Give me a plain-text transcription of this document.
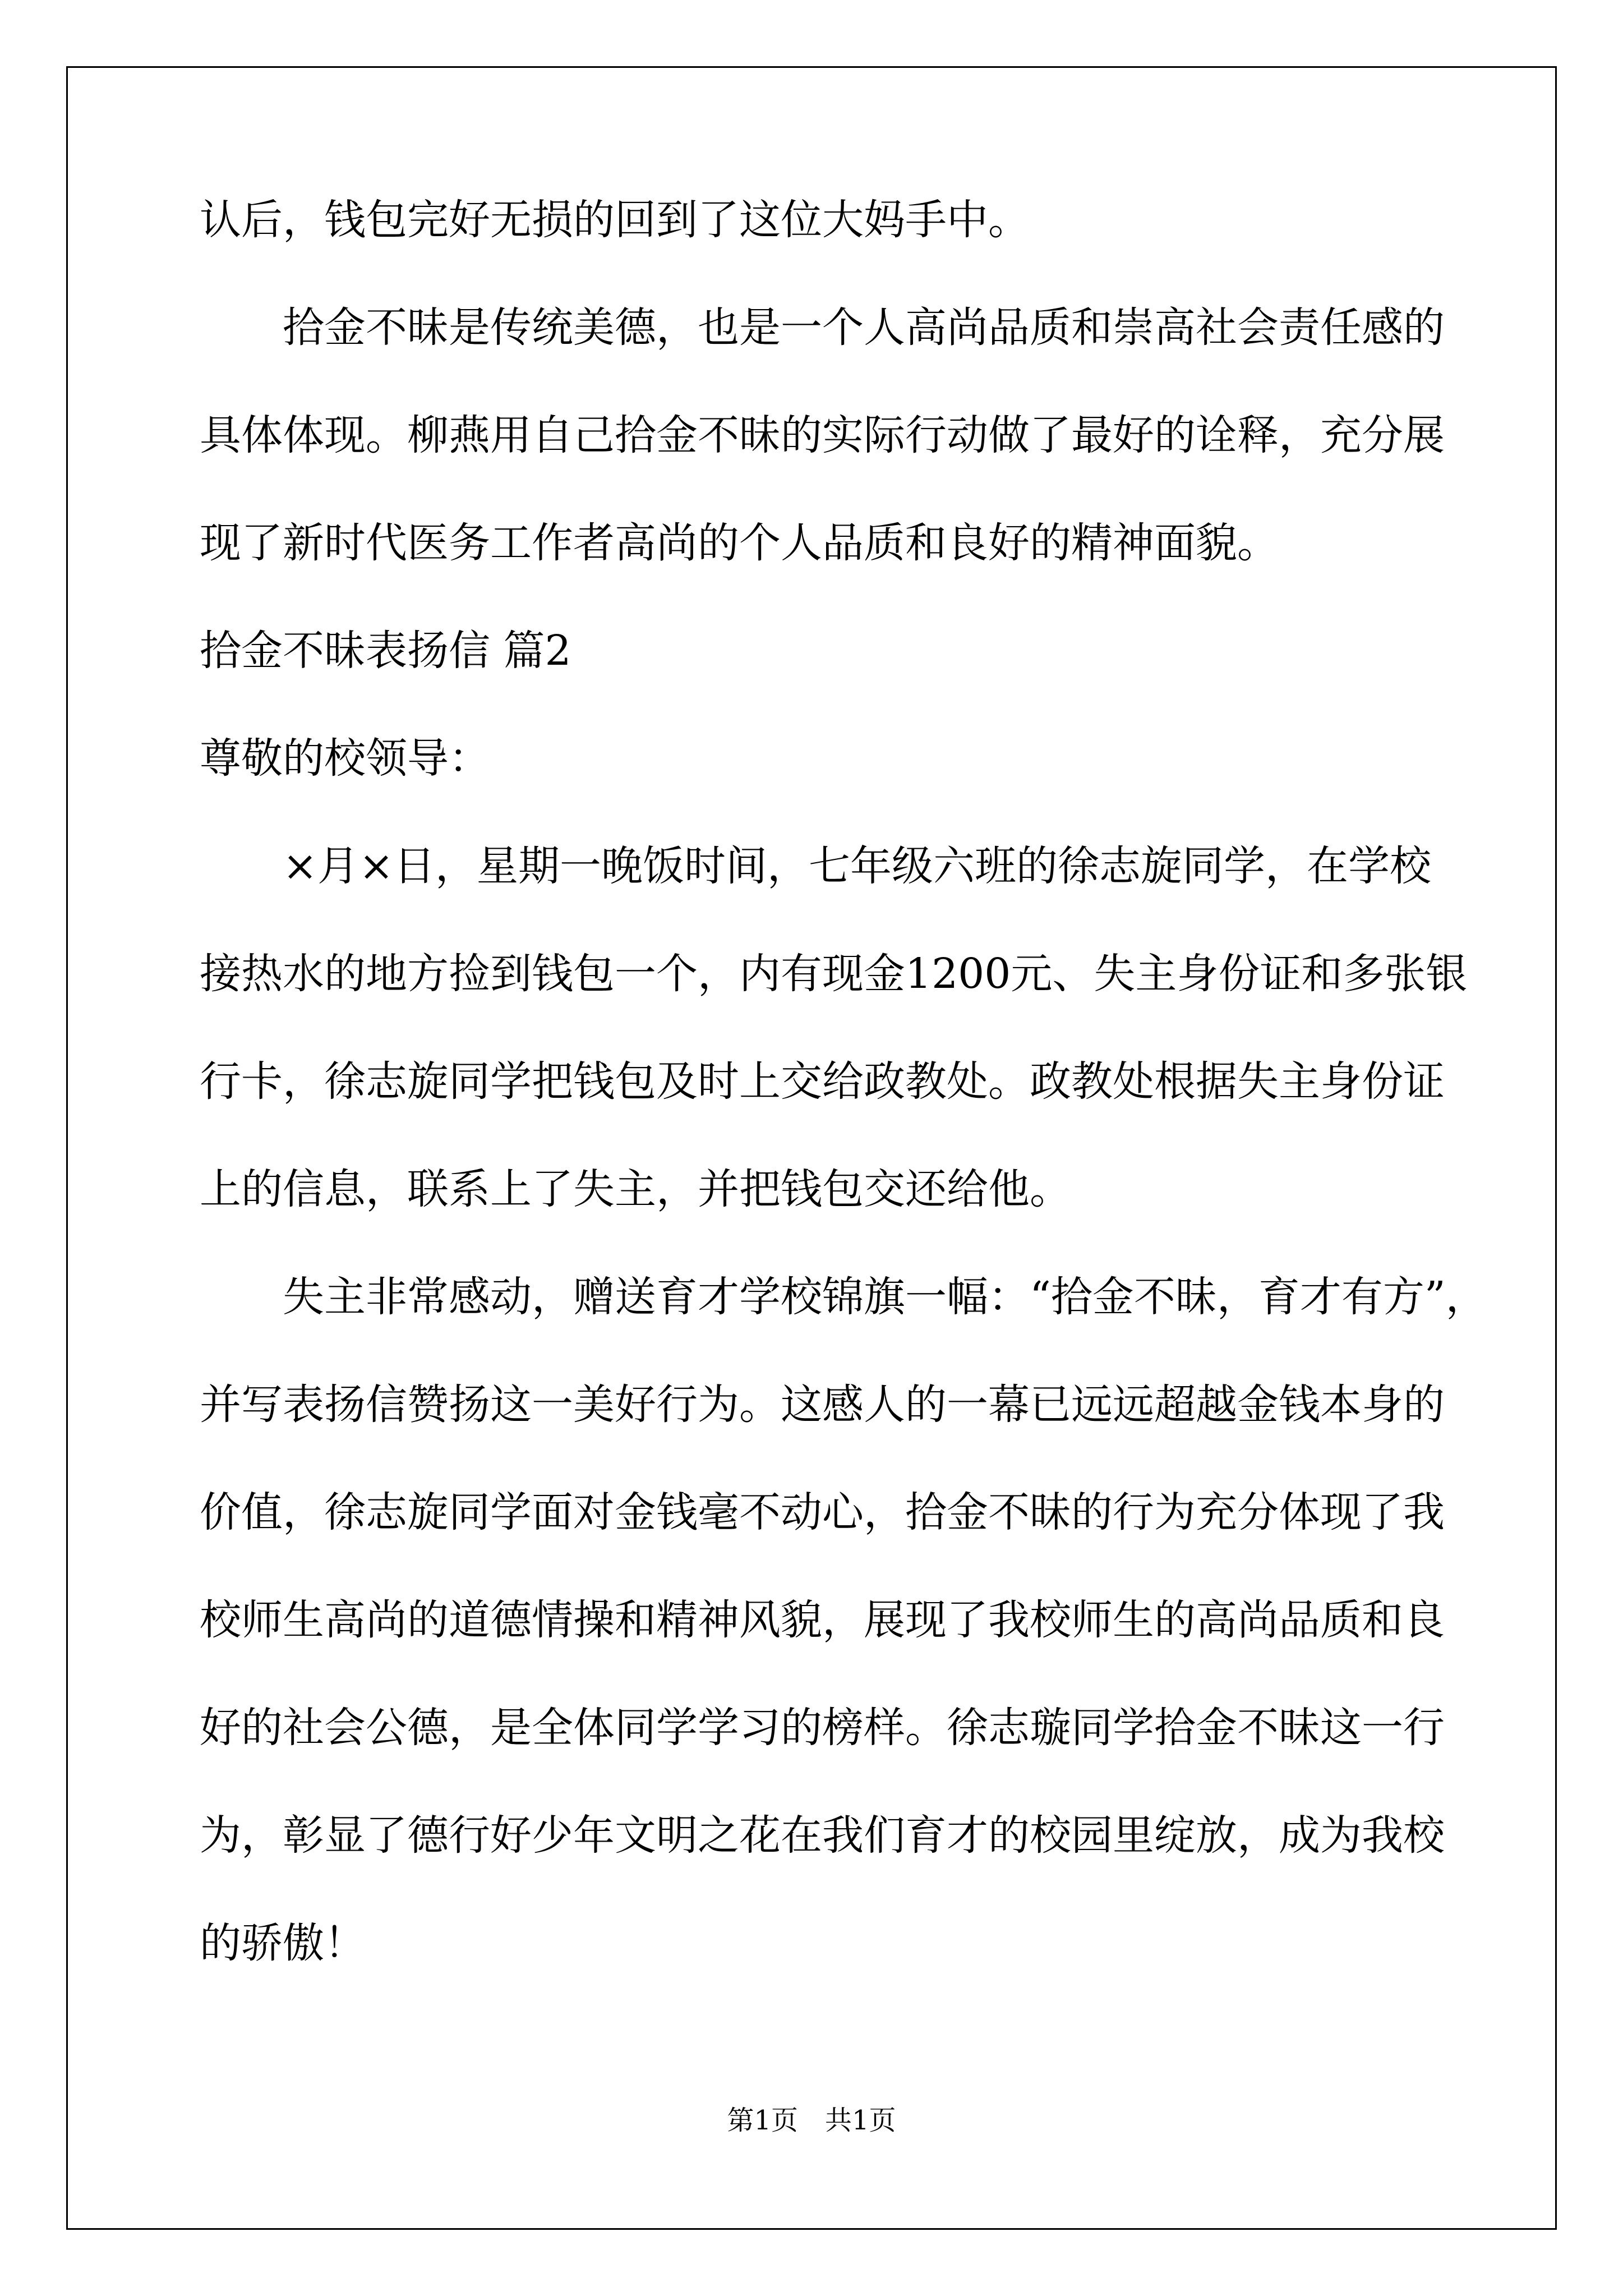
认后，钱包完好无损的回到了这位大妈手中。
拾金不昧是传统美德，也是一个人高尚品质和崇高社会责任感的
具体体现。柳燕用自己拾金不昧的实际行动做了最好的诠释，充分展
现了新时代医务工作者高尚的个人品质和良好的精神面貌。
拾金不昧表扬信 篇2
尊敬的校领导：
×月×日，星期一晚饭时间，七年级六班的徐志旋同学，在学校
接热水的地方捡到钱包一个，内有现金1200元、失主身份证和多张银
行卡，徐志旋同学把钱包及时上交给政教处。政教处根据失主身份证
上的信息，联系上了失主，并把钱包交还给他。
失主非常感动，赠送育才学校锦旗一幅：“拾金不昧，育才有方”，
并写表扬信赞扬这一美好行为。这感人的一幕已远远超越金钱本身的
价值，徐志旋同学面对金钱毫不动心，拾金不昧的行为充分体现了我
校师生高尚的道德情操和精神风貌，展现了我校师生的高尚品质和良
好的社会公德，是全体同学学习的榜样。徐志璇同学拾金不昧这一行
为，彰显了德行好少年文明之花在我们育才的校园里绽放，成为我校
的骄傲！
第1页　共1页
